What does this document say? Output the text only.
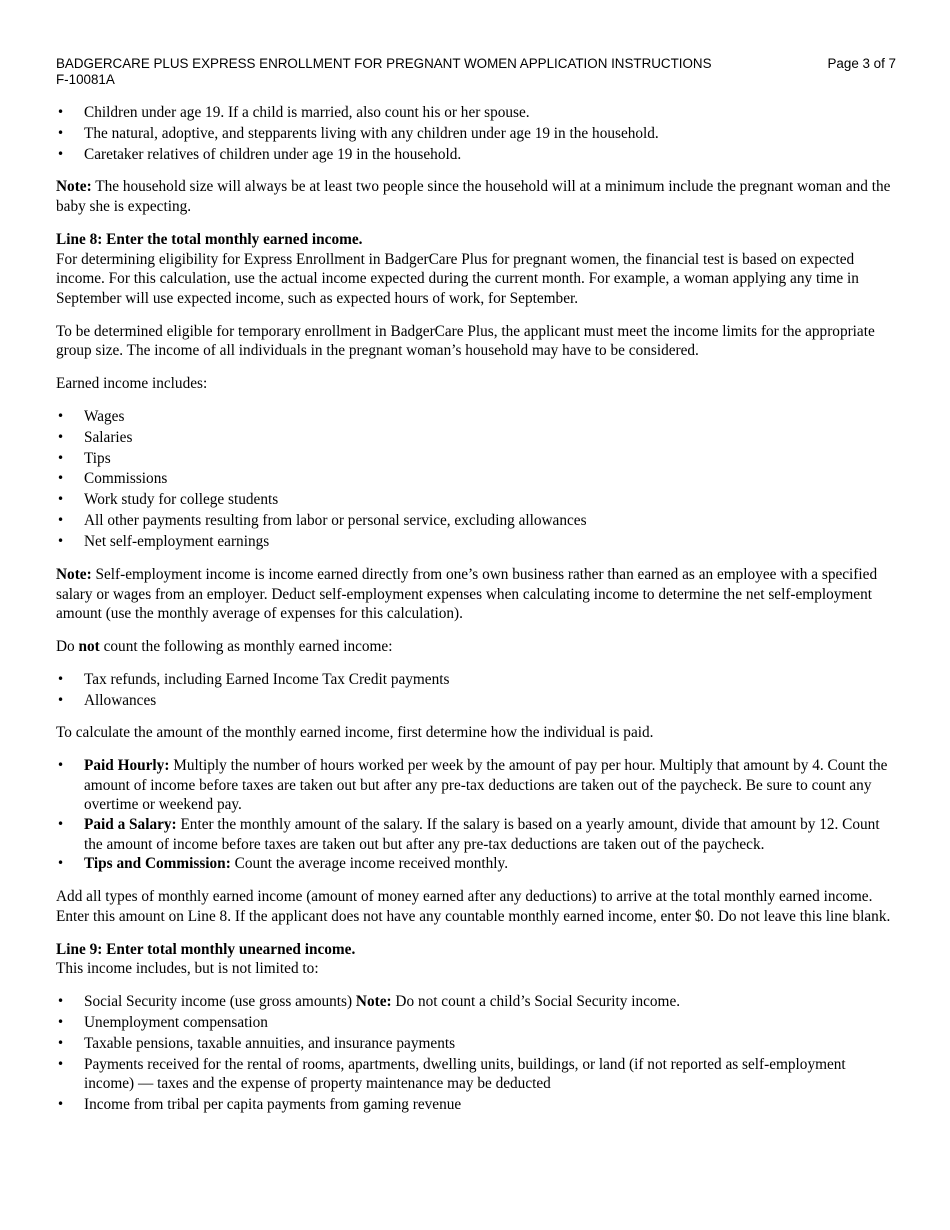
BADGERCARE PLUS EXPRESS ENROLLMENT FOR PREGNANT WOMEN APPLICATION INSTRUCTIONS
F-10081A
Page 3 of 7
• Children under age 19. If a child is married, also count his or her spouse.
• The natural, adoptive, and stepparents living with any children under age 19 in the household.
• Caretaker relatives of children under age 19 in the household.

Note: The household size will always be at least two people since the household will at a minimum include the pregnant woman and the baby she is expecting.

Line 8: Enter the total monthly earned income.

For determining eligibility for Express Enrollment in BadgerCare Plus for pregnant women, the financial test is based on expected income. For this calculation, use the actual income expected during the current month. For example, a woman applying any time in September will use expected income, such as expected hours of work, for September.

To be determined eligible for temporary enrollment in BadgerCare Plus, the applicant must meet the income limits for the appropriate group size. The income of all individuals in the pregnant woman’s household may have to be considered.

Earned income includes:

• Wages
• Salaries
• Tips
• Commissions
• Work study for college students
• All other payments resulting from labor or personal service, excluding allowances
• Net self-employment earnings

Note: Self-employment income is income earned directly from one’s own business rather than earned as an employee with a specified salary or wages from an employer. Deduct self-employment expenses when calculating income to determine the net self-employment amount (use the monthly average of expenses for this calculation).

Do not count the following as monthly earned income:

• Tax refunds, including Earned Income Tax Credit payments
• Allowances

To calculate the amount of the monthly earned income, first determine how the individual is paid.

• Paid Hourly: Multiply the number of hours worked per week by the amount of pay per hour. Multiply that amount by 4. Count the amount of income before taxes are taken out but after any pre-tax deductions are taken out of the paycheck. Be sure to count any overtime or weekend pay.
• Paid a Salary: Enter the monthly amount of the salary. If the salary is based on a yearly amount, divide that amount by 12. Count the amount of income before taxes are taken out but after any pre-tax deductions are taken out of the paycheck.
• Tips and Commission: Count the average income received monthly.

Add all types of monthly earned income (amount of money earned after any deductions) to arrive at the total monthly earned income. Enter this amount on Line 8. If the applicant does not have any countable monthly earned income, enter $0. Do not leave this line blank.

Line 9: Enter total monthly unearned income.

This income includes, but is not limited to:

• Social Security income (use gross amounts) Note: Do not count a child’s Social Security income.
• Unemployment compensation
• Taxable pensions, taxable annuities, and insurance payments
• Payments received for the rental of rooms, apartments, dwelling units, buildings, or land (if not reported as self-employment income) — taxes and the expense of property maintenance may be deducted
• Income from tribal per capita payments from gaming revenue
